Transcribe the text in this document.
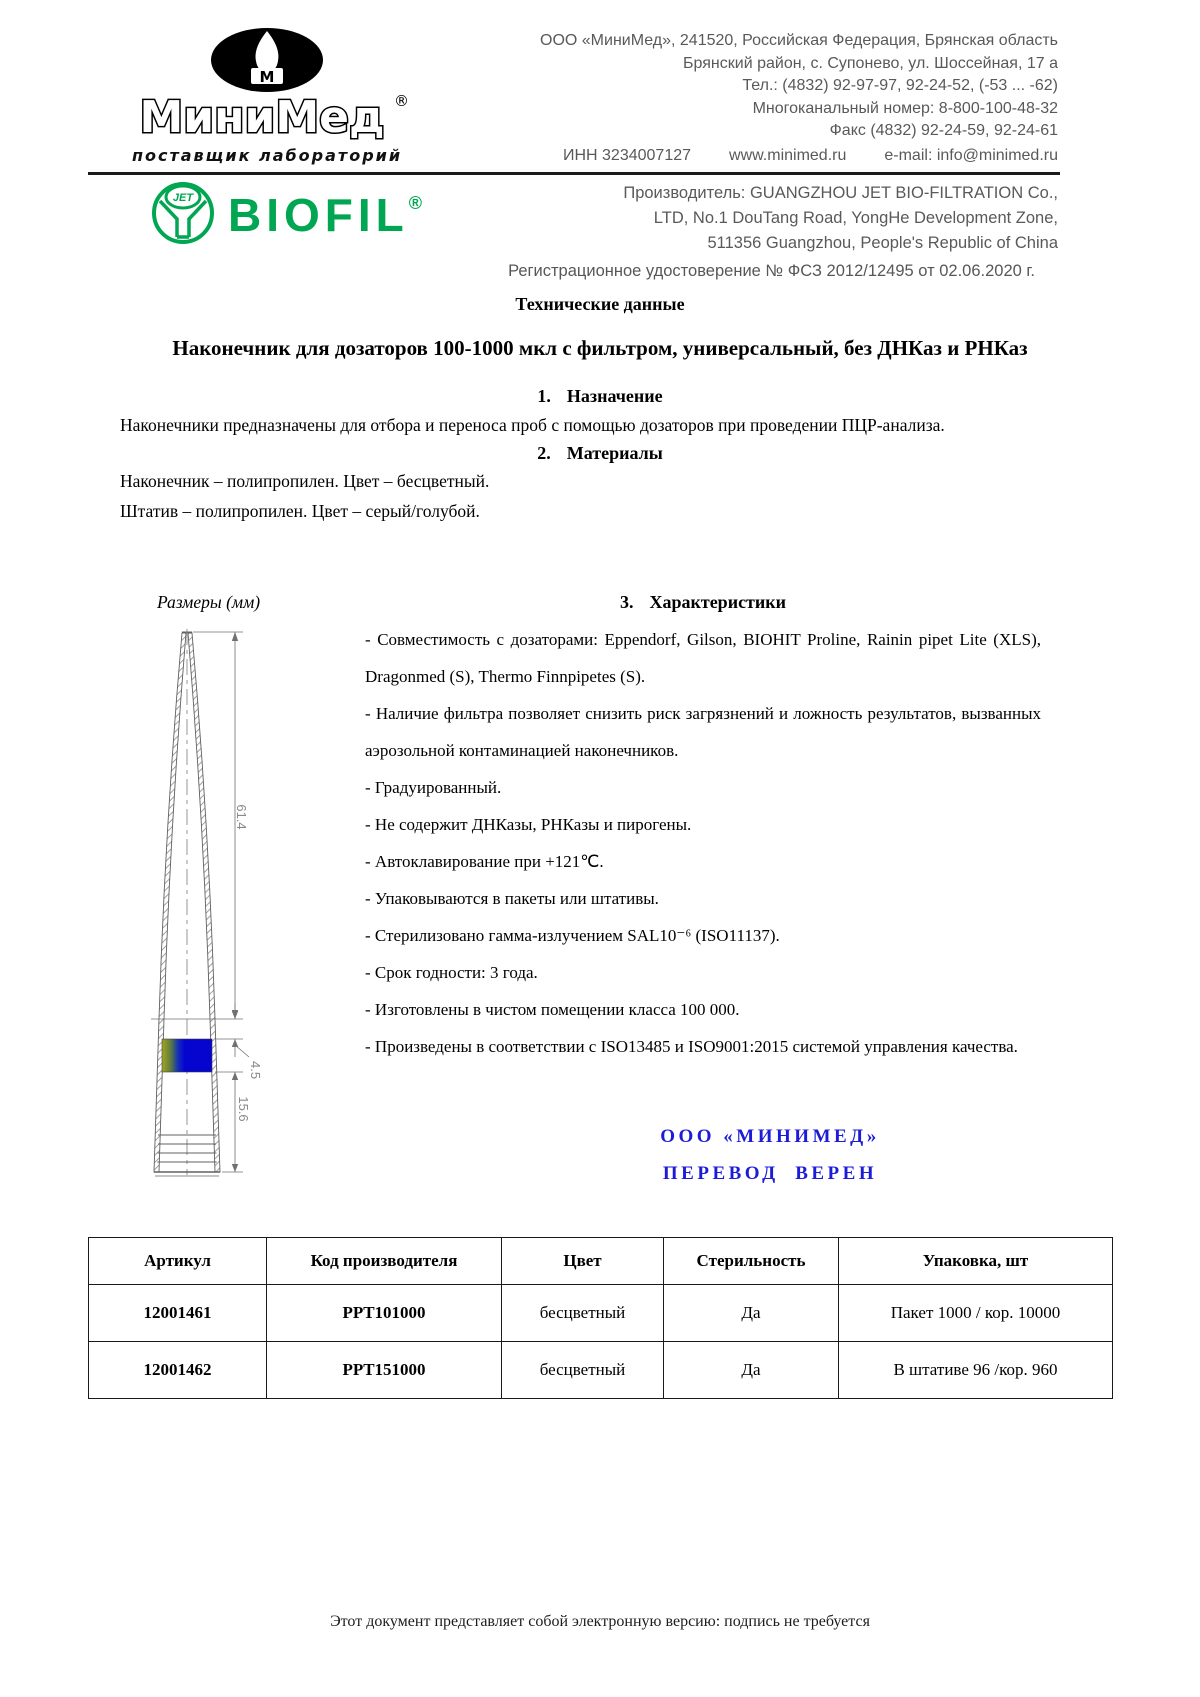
М
МиниМед ®
поставщик лабораторий
ООО «МиниМед», 241520, Российская Федерация, Брянская область
Брянский район, с. Супонево, ул. Шоссейная, 17 а
Тел.: (4832) 92-97-97, 92-24-52, (-53 ... -62)
Многоканальный номер: 8-800-100-48-32
Факс (4832) 92-24-59, 92-24-61
ИНН 3234007127 www.minimed.ru e-mail: info@minimed.ru
JET BIOFIL®	Производитель: GUANGZHOU JET BIO-FILTRATION Co.,
LTD, No.1 DouTang Road, YongHe Development Zone,
511356 Guangzhou, People's Republic of China
Регистрационное удостоверение № ФСЗ 2012/12495 от 02.06.2020 г.
Технические данные
Наконечник для дозаторов 100-1000 мкл с фильтром, универсальный, без ДНКаз и РНКаз
1. Назначение
Наконечники предназначены для отбора и переноса проб с помощью дозаторов при проведении ПЦР-анализа.
2. Материалы
Наконечник – полипропилен. Цвет – бесцветный.
Штатив – полипропилен. Цвет – серый/голубой.
Размеры (мм)
61.4
4.5
15.6
3. Характеристики
- Совместимость с дозаторами: Eppendorf, Gilson, BIOHIT Proline, Rainin pipet Lite (XLS), Dragonmed (S), Thermo Finnpipetes (S).
- Наличие фильтра позволяет снизить риск загрязнений и ложность результатов, вызванных аэрозольной контаминацией наконечников.
- Градуированный.
- Не содержит ДНКазы, РНКазы и пирогены.
- Автоклавирование при +121℃.
- Упаковываются в пакеты или штативы.
- Стерилизовано гамма-излучением SAL10⁻⁶ (ISO11137).
- Срок годности: 3 года.
- Изготовлены в чистом помещении класса 100 000.
- Произведены в соответствии с ISO13485 и ISO9001:2015 системой управления качества.
ООО «МИНИМЕД»
ПЕРЕВОД  ВЕРЕН
Артикул	Код производителя	Цвет	Стерильность	Упаковка, шт
12001461	PPT101000	бесцветный	Да	Пакет 1000 / кор. 10000
12001462	PPT151000	бесцветный	Да	В штативе 96 /кор. 960
Этот документ представляет собой электронную версию: подпись не требуется
